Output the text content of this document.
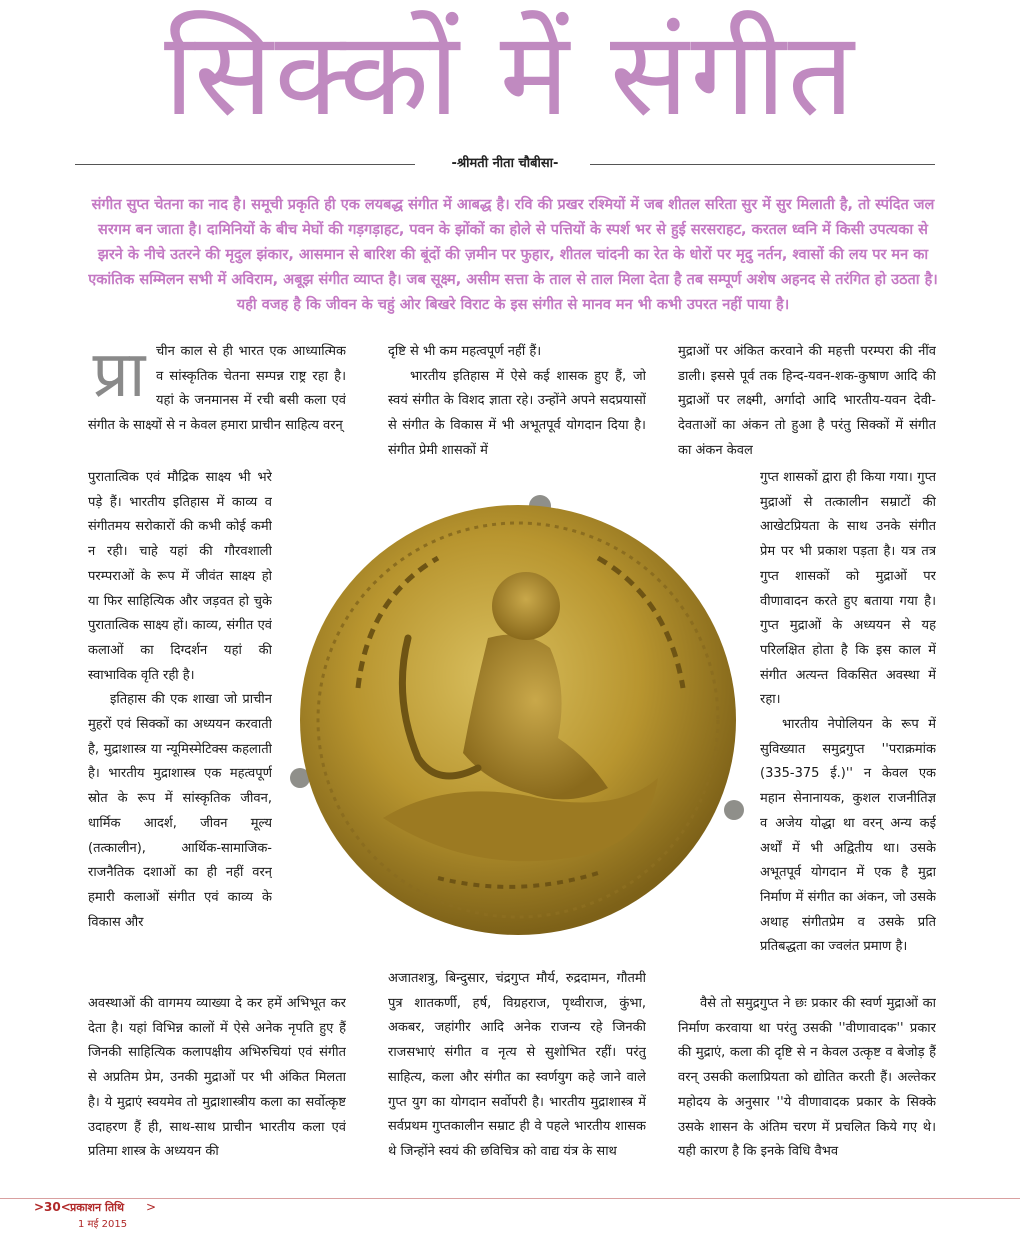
सिक्कों में संगीत
-श्रीमती नीता चौबीसा-

संगीत सुप्त चेतना का नाद है। समूची प्रकृति ही एक लयबद्ध संगीत में आबद्ध है। रवि की प्रखर रश्मियों में जब शीतल सरिता सुर में सुर मिलाती है, तो स्पंदित जल सरगम बन जाता है। दामिनियों के बीच मेघों की गड़गड़ाहट, पवन के झोंकों का होले से पत्तियों के स्पर्श भर से हुई सरसराहट, करतल ध्वनि में किसी उपत्यका से झरने के नीचे उतरने की मृदुल झंकार, आसमान से बारिश की बूंदों की ज़मीन पर फुहार, शीतल चांदनी का रेत के धोरों पर मृदु नर्तन, श्वासों की लय पर मन का एकांतिक सम्मिलन सभी में अविराम, अबूझ संगीत व्याप्त है। जब सूक्ष्म, असीम सत्ता के ताल से ताल मिला देता है तब सम्पूर्ण अशेष अहनद से तरंगित हो उठता है। यही वजह है कि जीवन के चहुं ओर बिखरे विराट के इस संगीत से मानव मन भी कभी उपरत नहीं पाया है।

प्रा चीन काल से ही भारत एक आध्यात्मिक व सांस्कृतिक चेतना सम्पन्न राष्ट्र रहा है। यहां के जनमानस में रची बसी कला एवं संगीत के साक्ष्यों से न केवल हमारा प्राचीन साहित्य वरन्

पुरातात्विक एवं मौद्रिक साक्ष्य भी भरे पड़े हैं। भारतीय इतिहास में काव्य व संगीतमय सरोकारों की कभी कोई कमी न रही। चाहे यहां की गौरवशाली परम्पराओं के रूप में जीवंत साक्ष्य हो या फिर साहित्यिक और जड़वत हो चुके पुरातात्विक साक्ष्य हों। काव्य, संगीत एवं कलाओं का दिग्दर्शन यहां की स्वाभाविक वृति रही है।

इतिहास की एक शाखा जो प्राचीन मुहरों एवं सिक्कों का अध्ययन करवाती है, मुद्राशास्त्र या न्यूमिस्मेटिक्स कहलाती है। भारतीय मुद्राशास्त्र एक महत्वपूर्ण स्रोत के रूप में सांस्कृतिक जीवन, धार्मिक आदर्श, जीवन मूल्य (तत्कालीन), आर्थिक-सामाजिक-राजनैतिक दशाओं का ही नहीं वरन् हमारी कलाओं संगीत एवं काव्य के विकास और

अवस्थाओं की वागमय व्याख्या दे कर हमें अभिभूत कर देता है। यहां विभिन्न कालों में ऐसे अनेक नृपति हुए हैं जिनकी साहित्यिक कलापक्षीय अभिरुचियां एवं संगीत से अप्रतिम प्रेम, उनकी मुद्राओं पर भी अंकित मिलता है। ये मुद्राएं स्वयमेव तो मुद्राशास्त्रीय कला का सर्वोत्कृष्ट उदाहरण हैं ही, साथ-साथ प्राचीन भारतीय कला एवं प्रतिमा शास्त्र के अध्ययन की

दृष्टि से भी कम महत्वपूर्ण नहीं हैं।

भारतीय इतिहास में ऐसे कई शासक हुए हैं, जो स्वयं संगीत के विशद ज्ञाता रहे। उन्होंने अपने सदप्रयासों से संगीत के विकास में भी अभूतपूर्व योगदान दिया है। संगीत प्रेमी शासकों में

अजातशत्रु, बिन्दुसार, चंद्रगुप्त मौर्य, रुद्रदामन, गौतमी पुत्र शातकर्णी, हर्ष, विग्रहराज, पृथ्वीराज, कुंभा, अकबर, जहांगीर आदि अनेक राजन्य रहे जिनकी राजसभाएं संगीत व नृत्य से सुशोभित रहीं। परंतु साहित्य, कला और संगीत का स्वर्णयुग कहे जाने वाले गुप्त युग का योगदान सर्वोपरी है। भारतीय मुद्राशास्त्र में सर्वप्रथम गुप्तकालीन सम्राट ही वे पहले भारतीय शासक थे जिन्होंने स्वयं की छविचित्र को वाद्य यंत्र के साथ

मुद्राओं पर अंकित करवाने की महत्ती परम्परा की नींव डाली। इससे पूर्व तक हिन्द-यवन-शक-कुषाण आदि की मुद्राओं पर लक्ष्मी, अर्गादो आदि भारतीय-यवन देवी-देवताओं का अंकन तो हुआ है परंतु सिक्कों में संगीत का अंकन केवल

गुप्त शासकों द्वारा ही किया गया। गुप्त मुद्राओं से तत्कालीन सम्राटों की आखेटप्रियता के साथ उनके संगीत प्रेम पर भी प्रकाश पड़ता है। यत्र तत्र गुप्त शासकों को मुद्राओं पर वीणावादन करते हुए बताया गया है। गुप्त मुद्राओं के अध्ययन से यह परिलक्षित होता है कि इस काल में संगीत अत्यन्त विकसित अवस्था में रहा।

भारतीय नेपोलियन के रूप में सुविख्यात समुद्रगुप्त ''पराक्रमांक (335-375 ई.)'' न केवल एक महान सेनानायक, कुशल राजनीतिज्ञ व अजेय योद्धा था वरन् अन्य कई अर्थों में भी अद्वितीय था। उसके अभूतपूर्व योगदान में एक है मुद्रा निर्माण में संगीत का अंकन, जो उसके अथाह संगीतप्रेम व उसके प्रति प्रतिबद्धता का ज्वलंत प्रमाण है।

वैसे तो समुद्रगुप्त ने छः प्रकार की स्वर्ण मुद्राओं का निर्माण करवाया था परंतु उसकी ''वीणावादक'' प्रकार की मुद्राएं, कला की दृष्टि से न केवल उत्कृष्ट व बेजोड़ हैं वरन् उसकी कलाप्रियता को द्योतित करती हैं। अल्तेकर महोदय के अनुसार ''ये वीणावादक प्रकार के सिक्के उसके शासन के अंतिम चरण में प्रचलित किये गए थे। यही कारण है कि इनके विधि वैभव

>30< प्रकाशन तिथि
1 मई 2015
>
